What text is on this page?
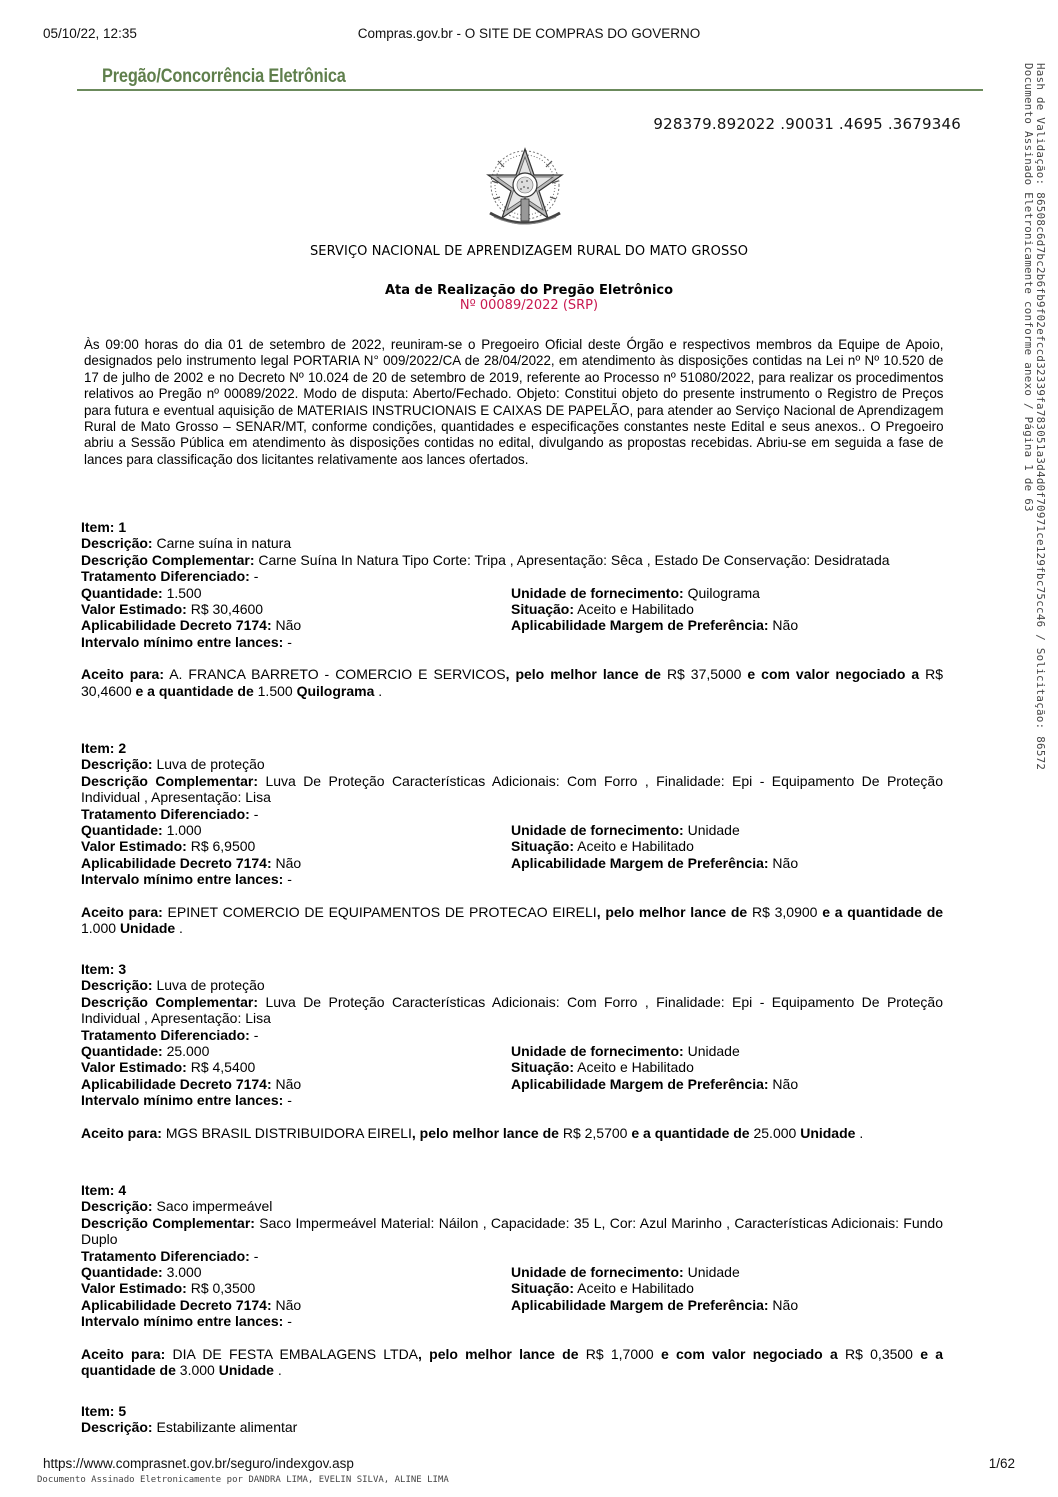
05/10/22, 12:35	Compras.gov.br - O SITE DE COMPRAS DO GOVERNO
Pregão/Concorrência Eletrônica
928379.892022 .90031 .4695 .3679346
SERVIÇO NACIONAL DE APRENDIZAGEM RURAL DO MATO GROSSO
Ata de Realização do Pregão Eletrônico
Nº 00089/2022 (SRP)
Às 09:00 horas do dia 01 de setembro de 2022, reuniram-se o Pregoeiro Oficial deste Órgão e respectivos membros da Equipe de Apoio, designados pelo instrumento legal PORTARIA N° 009/2022/CA de 28/04/2022, em atendimento às disposições contidas na Lei nº Nº 10.520 de 17 de julho de 2002 e no Decreto Nº 10.024 de 20 de setembro de 2019, referente ao Processo nº 51080/2022, para realizar os procedimentos relativos ao Pregão nº 00089/2022. Modo de disputa: Aberto/Fechado. Objeto: Constitui objeto do presente instrumento o Registro de Preços para futura e eventual aquisição de MATERIAIS INSTRUCIONAIS E CAIXAS DE PAPELÃO, para atender ao Serviço Nacional de Aprendizagem Rural de Mato Grosso – SENAR/MT, conforme condições, quantidades e especificações constantes neste Edital e seus anexos.. O Pregoeiro abriu a Sessão Pública em atendimento às disposições contidas no edital, divulgando as propostas recebidas. Abriu-se em seguida a fase de lances para classificação dos licitantes relativamente aos lances ofertados.
Item: 1
Descrição: Carne suína in natura
Descrição Complementar: Carne Suína In Natura Tipo Corte: Tripa , Apresentação: Sêca , Estado De Conservação: Desidratada
Tratamento Diferenciado: -
Quantidade: 1.500	Unidade de fornecimento: Quilograma
Valor Estimado: R$ 30,4600	Situação: Aceito e Habilitado
Aplicabilidade Decreto 7174: Não	Aplicabilidade Margem de Preferência: Não
Intervalo mínimo entre lances: -
Aceito para: A. FRANCA BARRETO - COMERCIO E SERVICOS, pelo melhor lance de R$ 37,5000 e com valor negociado a R$ 30,4600 e a quantidade de 1.500 Quilograma .
Item: 2
Descrição: Luva de proteção
Descrição Complementar: Luva De Proteção Características Adicionais: Com Forro , Finalidade: Epi - Equipamento De Proteção Individual , Apresentação: Lisa
Tratamento Diferenciado: -
Quantidade: 1.000	Unidade de fornecimento: Unidade
Valor Estimado: R$ 6,9500	Situação: Aceito e Habilitado
Aplicabilidade Decreto 7174: Não	Aplicabilidade Margem de Preferência: Não
Intervalo mínimo entre lances: -
Aceito para: EPINET COMERCIO DE EQUIPAMENTOS DE PROTECAO EIRELI, pelo melhor lance de R$ 3,0900 e a quantidade de 1.000 Unidade .
Item: 3
Descrição: Luva de proteção
Descrição Complementar: Luva De Proteção Características Adicionais: Com Forro , Finalidade: Epi - Equipamento De Proteção Individual , Apresentação: Lisa
Tratamento Diferenciado: -
Quantidade: 25.000	Unidade de fornecimento: Unidade
Valor Estimado: R$ 4,5400	Situação: Aceito e Habilitado
Aplicabilidade Decreto 7174: Não	Aplicabilidade Margem de Preferência: Não
Intervalo mínimo entre lances: -
Aceito para: MGS BRASIL DISTRIBUIDORA EIRELI, pelo melhor lance de R$ 2,5700 e a quantidade de 25.000 Unidade .
Item: 4
Descrição: Saco impermeável
Descrição Complementar: Saco Impermeável Material: Náilon , Capacidade: 35 L, Cor: Azul Marinho , Características Adicionais: Fundo Duplo
Tratamento Diferenciado: -
Quantidade: 3.000	Unidade de fornecimento: Unidade
Valor Estimado: R$ 0,3500	Situação: Aceito e Habilitado
Aplicabilidade Decreto 7174: Não	Aplicabilidade Margem de Preferência: Não
Intervalo mínimo entre lances: -
Aceito para: DIA DE FESTA EMBALAGENS LTDA, pelo melhor lance de R$ 1,7000 e com valor negociado a R$ 0,3500 e a quantidade de 3.000 Unidade .
Item: 5
Descrição: Estabilizante alimentar
Hash de Validação: 86508c6d7bc2b6fb9f02efccd32339fa783051a3d4d0f70971ce129fbc75cc46 / Solicitação: 86572
Documento Assinado Eletronicamente conforme anexo / Página 1 de 63
https://www.comprasnet.gov.br/seguro/indexgov.asp	1/62
Documento Assinado Eletronicamente por DANDRA LIMA, EVELIN SILVA, ALINE LIMA
